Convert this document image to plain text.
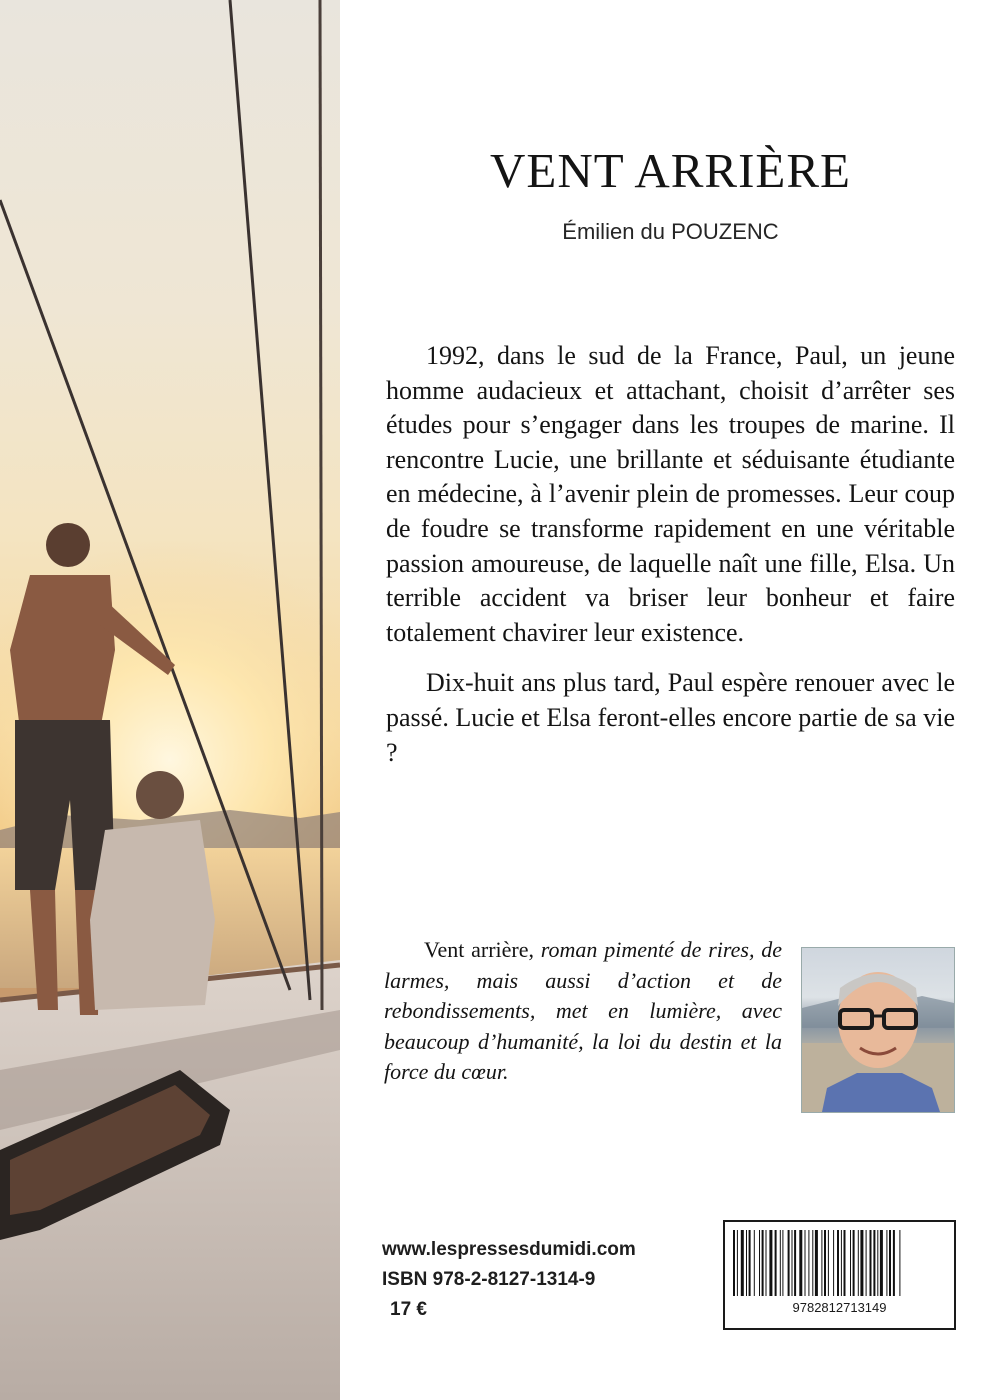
VENT ARRIÈRE
Émilien du POUZENC

1992, dans le sud de la France, Paul, un jeune homme audacieux et attachant, choisit d’arrêter ses études pour s’engager dans les troupes de marine. Il rencontre Lucie, une brillante et séduisante étudiante en médecine, à l’avenir plein de promesses. Leur coup de foudre se transforme rapidement en une véritable passion amoureuse, de laquelle naît une fille, Elsa. Un terrible accident va briser leur bonheur et faire totalement chavirer leur existence.

Dix-huit ans plus tard, Paul espère renouer avec le passé. Lucie et Elsa feront-elles encore partie de sa vie ?

Vent arrière, roman pimenté de rires, de larmes, mais aussi d’action et de rebondissements, met en lumière, avec beaucoup d’humanité, la loi du destin et la force du cœur.
www.lespressesdumidi.com
ISBN 978-2-8127-1314-9
17 €	9782812713149
